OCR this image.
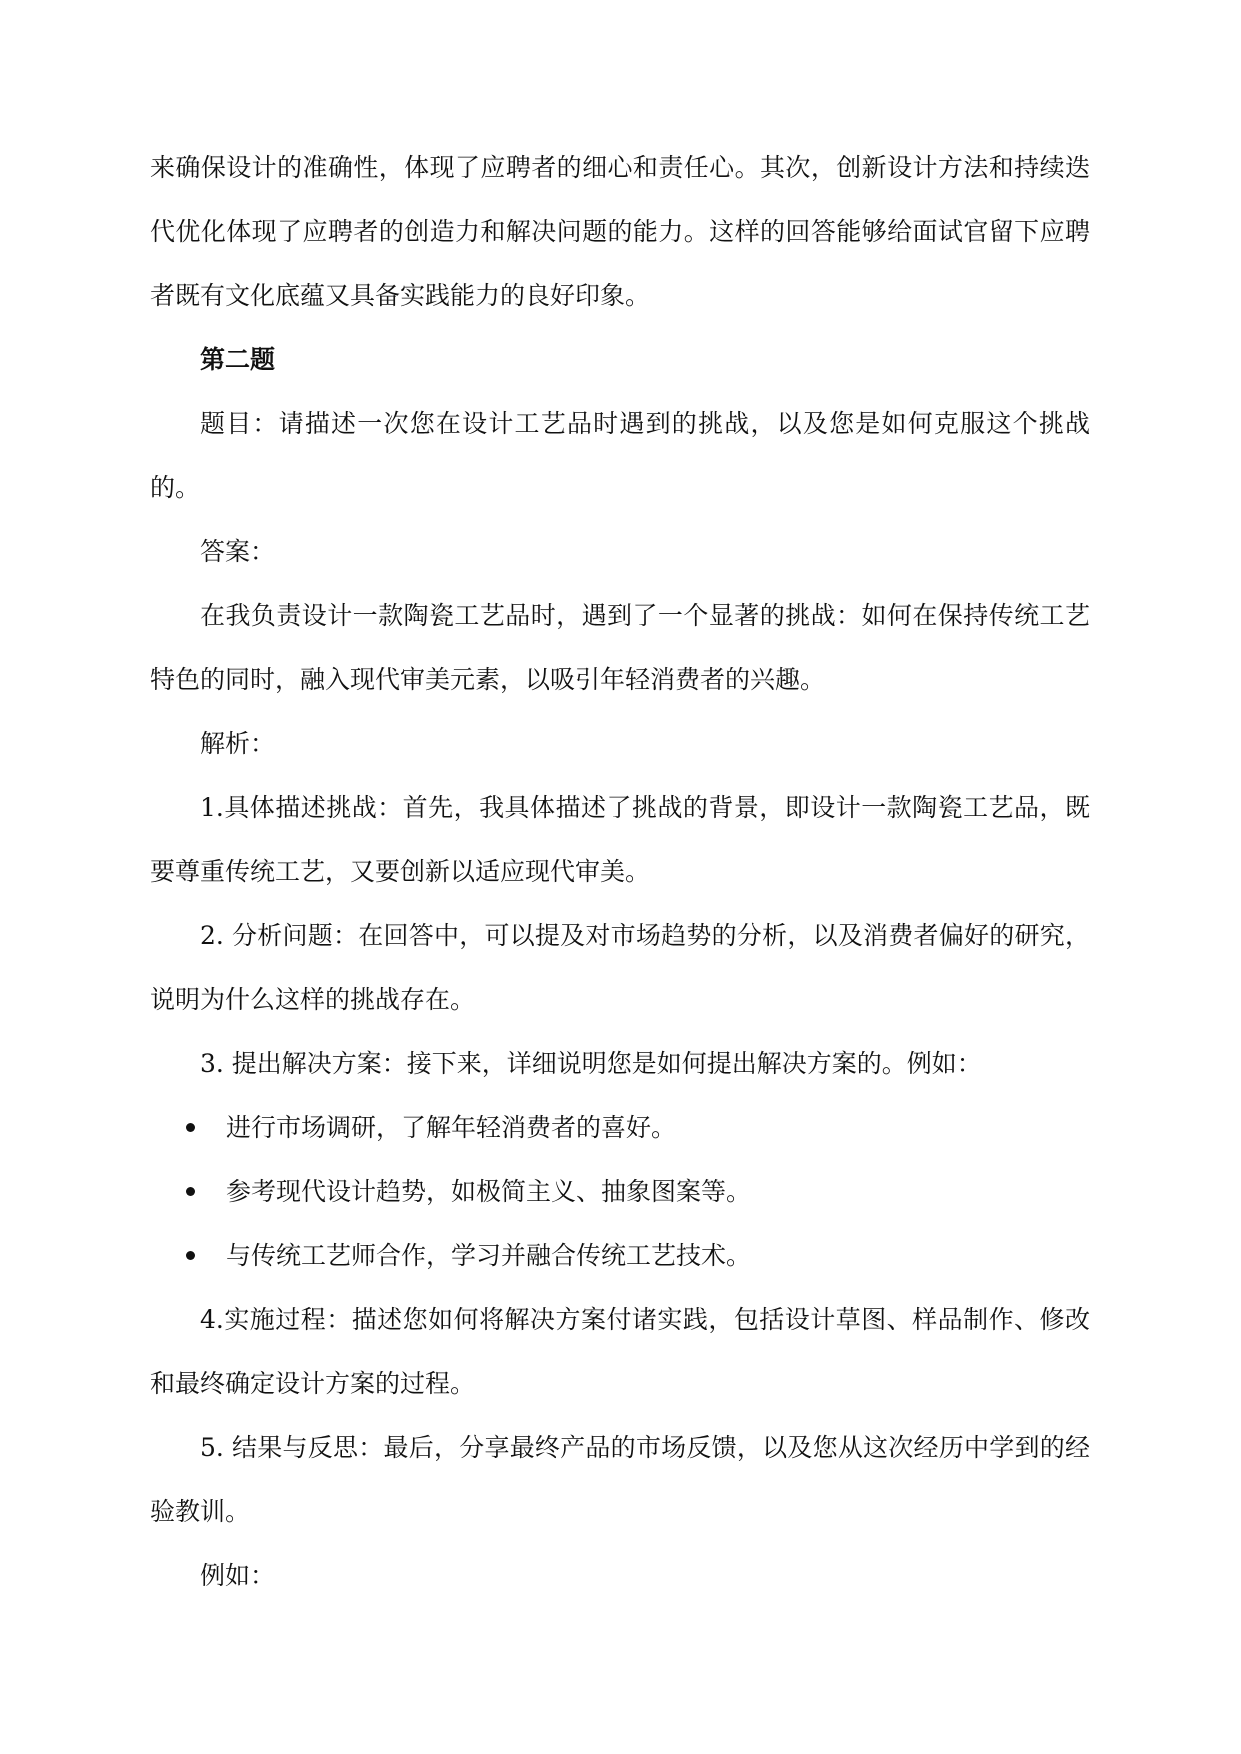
来确保设计的准确性，体现了应聘者的细心和责任心。其次，创新设计方法和持续迭代优化体现了应聘者的创造力和解决问题的能力。这样的回答能够给面试官留下应聘者既有文化底蕴又具备实践能力的良好印象。

第二题

题目：请描述一次您在设计工艺品时遇到的挑战，以及您是如何克服这个挑战的。

答案：

在我负责设计一款陶瓷工艺品时，遇到了一个显著的挑战：如何在保持传统工艺特色的同时，融入现代审美元素，以吸引年轻消费者的兴趣。

解析：

1.具体描述挑战：首先，我具体描述了挑战的背景，即设计一款陶瓷工艺品，既要尊重传统工艺，又要创新以适应现代审美。

2. 分析问题：在回答中，可以提及对市场趋势的分析，以及消费者偏好的研究，说明为什么这样的挑战存在。

3. 提出解决方案：接下来，详细说明您是如何提出解决方案的。例如：

进行市场调研，了解年轻消费者的喜好。
参考现代设计趋势，如极简主义、抽象图案等。
与传统工艺师合作，学习并融合传统工艺技术。

4.实施过程：描述您如何将解决方案付诸实践，包括设计草图、样品制作、修改和最终确定设计方案的过程。

5. 结果与反思：最后，分享最终产品的市场反馈，以及您从这次经历中学到的经验教训。

例如：
